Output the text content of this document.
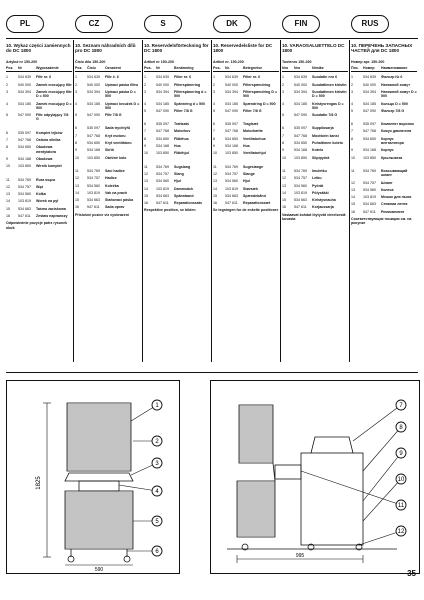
PL	CZ	S	DK	FIN	RUS
10. Wykaz części zamiennych do DC 1800
Artykuł nr 150-200
Poz.	Nr	Wyposażenie
1	534 639	Filtr nr. 6
2	540 000	Zamek mocujący filtr
3	534 394	Zamek mocujący filtr D = 500
4	534 185	Zamek mocujący D = 500
5	547 090	Filtr odpylający 7/8 G
6	535 097	Komplet lejków
7	547 768	Osłona silnika
8	534 650	Obudowa wentylatora
9	534 168	Obudowa
10	103 850	Wirnik komplet
11	534 769	Rura ssąca
12	534 757	Wąż
13	534 560	Kółka
14	103 819	Worek na pył
15	534 663	Taśma zaciskowa
16	547 611	Zestaw naprawczy
Odpowiednie pozycje patrz rysunek obok
10. Seznam náhradních dílů pro DC 1800
Číslo dílu 150-200
Poz.	Číslo	Označení
1	534 639	Filtr č. 6
2	540 000	Upínací páska filtru
3	534 394	Upínací páska D = 500
4	534 185	Upínací kroužek D = 500
5	547 090	Filtr 7/8 G
6	535 097	Sada trychtýřů
7	547 768	Kryt motoru
8	534 650	Kryt ventilátoru
9	534 168	Skříň
10	103 850	Oběžné kolo
11	534 769	Sací hadice
12	534 757	Hadice
13	534 560	Kolečka
14	103 819	Vak na prach
15	534 663	Stahovací páska
16	547 611	Sada oprav
Příslušné pozice viz vyobrazení
10. Reservdelsförteckning för DC 1800
Artikel nr 150-200
Pos.	Nr	Benämning
1	534 639	Filter nr. 6
2	540 000	Filterspännring
3	534 394	Filterspännring d = 500
4	534 185	Spännring d = 500
5	547 090	Filter 7/8 G
6	535 097	Trattsats
7	547 768	Motorhuv
8	534 650	Fläkthus
9	534 168	Hus
10	103 850	Fläkthjul
11	534 769	Sugslang
12	534 757	Slang
13	534 560	Hjul
14	103 819	Dammsäck
15	534 663	Spännband
16	547 611	Reparationssats
Respektive position, se bilden
10. Reservedelsliste for DC 1800
Artikel nr. 150-200
Pos.	Nr.	Betegnelse
1	534 639	Filter nr. 6
2	540 000	Filterspændring
3	534 394	Filterspændring D = 500
4	534 185	Spændring D = 500
5	547 090	Filter 7/8 G
6	535 097	Tragtsæt
7	547 768	Motorhætte
8	534 650	Ventilatorhus
9	534 168	Hus
10	103 850	Ventilatorhjul
11	534 769	Sugeslange
12	534 757	Slange
13	534 560	Hjul
14	103 819	Støvsæk
15	534 663	Spændebånd
16	547 611	Reparationssæt
Se tegningen for de enkelte positioner
10. VARAOSALUETTELO DC 1800
Tuotenro 150-200
Nro	Nro	Nimike
1	534 639	Suodatin nro 6
2	540 000	Suodattimen kiristin
3	534 394	Suodattimen kiristin D = 500
4	534 185	Kiristysrengas D = 500
5	547 090	Suodatin 7/8 G
6	535 097	Suppilosarja
7	547 768	Moottorin kansi
8	534 650	Puhaltimen kotelo
9	534 168	Kotelo
10	103 850	Siipipyörä
11	534 769	Imuletku
12	534 757	Letku
13	534 560	Pyörät
14	103 819	Pölysäkki
15	534 663	Kiristysnauha
16	547 611	Korjaussarja
Vastaavat kohdat löytyvät viereisestä kuvasta
10. ПЕРЕЧЕНЬ ЗАПАСНЫХ ЧАСТЕЙ для DC 1800
Номер арт. 150-200
Поз.	Номер	Наименование
1	534 639	Фильтр № 6
2	540 000	Натяжной хомут
3	534 394	Натяжной хомут D = 500
4	534 185	Кольцо D = 500
5	547 090	Фильтр 7/8 G
6	535 097	Комплект воронок
7	547 768	Кожух двигателя
8	534 650	Корпус вентилятора
9	534 168	Корпус
10	103 850	Крыльчатка
11	534 769	Всасывающий шланг
12	534 757	Шланг
13	534 560	Колеса
14	103 819	Мешок для пыли
15	534 663	Стяжная лента
16	547 611	Ремкомплект
Соответствующие позиции см. на рисунке
1825
590
1
2
3
4
5
6
995
7
8
9
10
11
12
35
